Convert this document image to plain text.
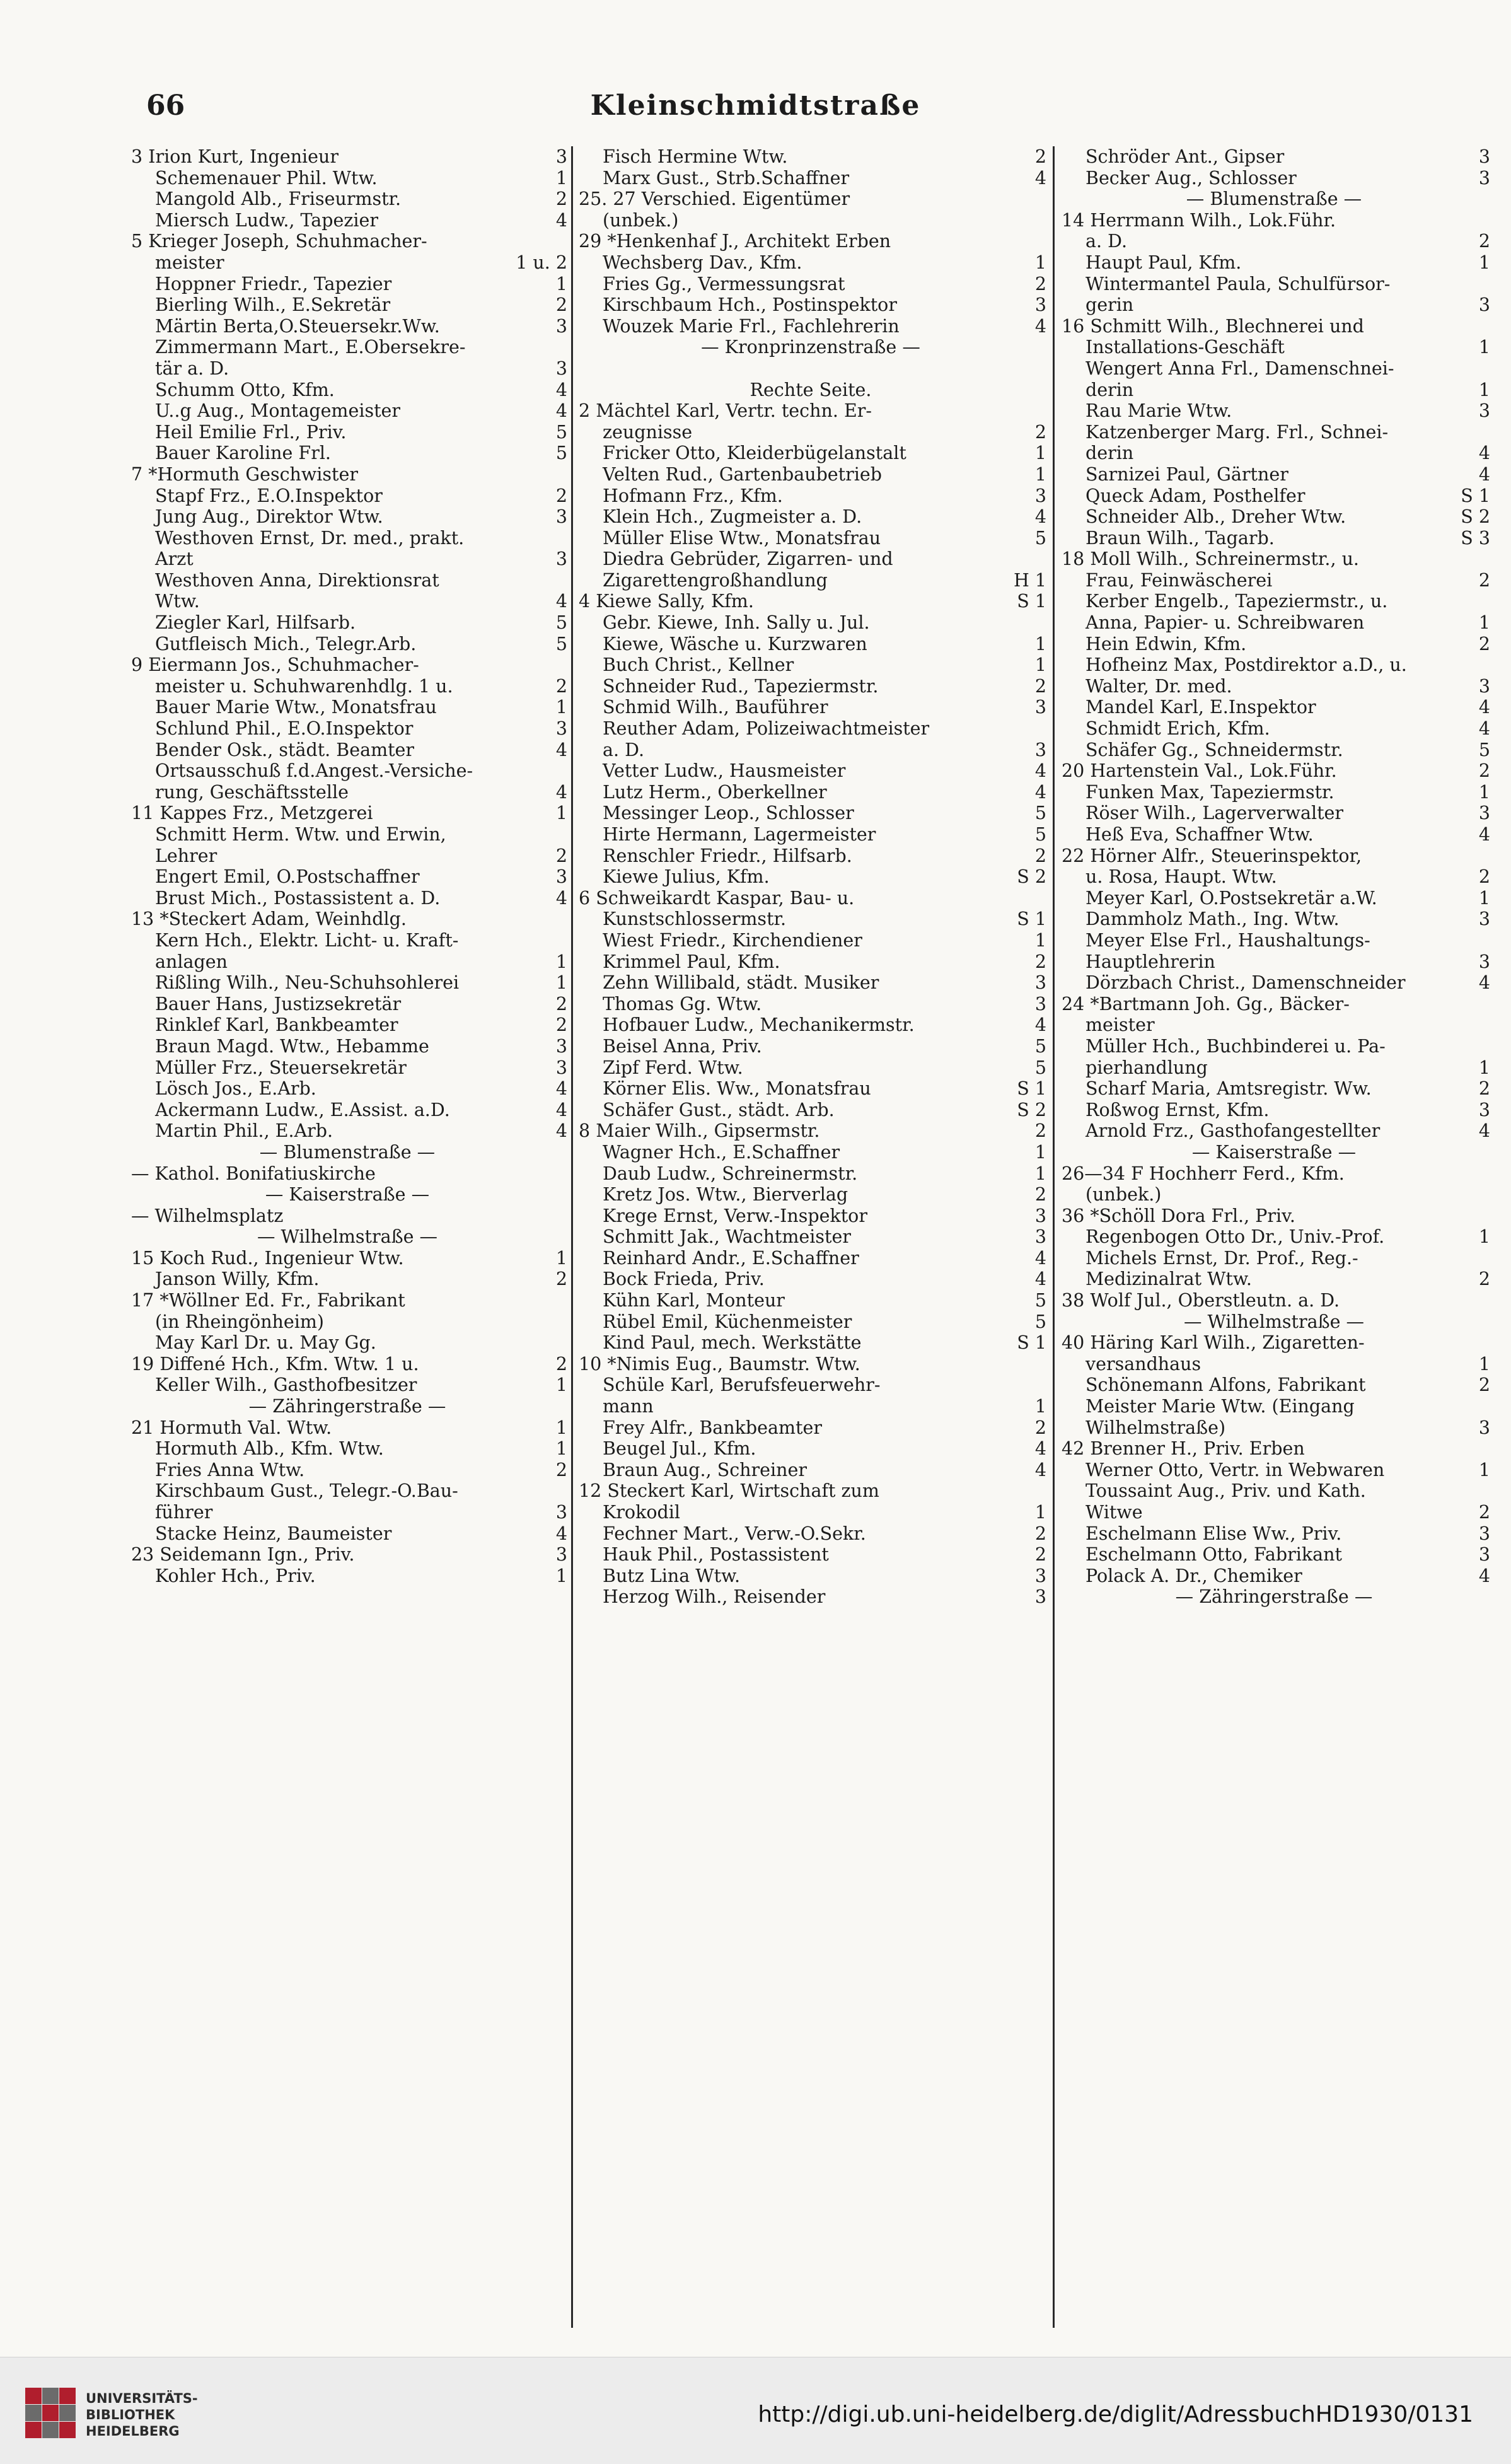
66	Kleinschmidtstraße
3 Irion Kurt, Ingenieur	3
Schemenauer Phil. Wtw.	1
Mangold Alb., Friseurmstr.	2
Miersch Ludw., Tapezier	4
5 Krieger Joseph, Schuhmacher-
meister	1 u. 2
Hoppner Friedr., Tapezier	1
Bierling Wilh., E.Sekretär	2
Märtin Berta,O.Steuersekr.Ww.	3
Zimmermann Mart., E.Obersekre-
tär a. D.	3
Schumm Otto, Kfm.	4
U..g Aug., Montagemeister	4
Heil Emilie Frl., Priv.	5
Bauer Karoline Frl.	5
7 *Hormuth Geschwister
Stapf Frz., E.O.Inspektor	2
Jung Aug., Direktor Wtw.	3
Westhoven Ernst, Dr. med., prakt.
Arzt	3
Westhoven Anna, Direktionsrat
Wtw.	4
Ziegler Karl, Hilfsarb.	5
Gutfleisch Mich., Telegr.Arb.	5
9 Eiermann Jos., Schuhmacher-
meister u. Schuhwarenhdlg. 1 u.	2
Bauer Marie Wtw., Monatsfrau	1
Schlund Phil., E.O.Inspektor	3
Bender Osk., städt. Beamter	4
Ortsausschuß f.d.Angest.-Versiche-
rung, Geschäftsstelle	4
11 Kappes Frz., Metzgerei	1
Schmitt Herm. Wtw. und Erwin,
Lehrer	2
Engert Emil, O.Postschaffner	3
Brust Mich., Postassistent a. D.	4
13 *Steckert Adam, Weinhdlg.
Kern Hch., Elektr. Licht- u. Kraft-
anlagen	1
Rißling Wilh., Neu-Schuhsohlerei	1
Bauer Hans, Justizsekretär	2
Rinklef Karl, Bankbeamter	2
Braun Magd. Wtw., Hebamme	3
Müller Frz., Steuersekretär	3
Lösch Jos., E.Arb.	4
Ackermann Ludw., E.Assist. a.D.	4
Martin Phil., E.Arb.	4
— Blumenstraße —
— Kathol. Bonifatiuskirche
— Kaiserstraße —
— Wilhelmsplatz
— Wilhelmstraße —
15 Koch Rud., Ingenieur Wtw.	1
Janson Willy, Kfm.	2
17 *Wöllner Ed. Fr., Fabrikant
(in Rheingönheim)
May Karl Dr. u. May Gg.
19 Diffené Hch., Kfm. Wtw. 1 u.	2
Keller Wilh., Gasthofbesitzer	1
— Zähringerstraße —
21 Hormuth Val. Wtw.	1
Hormuth Alb., Kfm. Wtw.	1
Fries Anna Wtw.	2
Kirschbaum Gust., Telegr.-O.Bau-
führer	3
Stacke Heinz, Baumeister	4
23 Seidemann Ign., Priv.	3
Kohler Hch., Priv.	1
Fisch Hermine Wtw.	2
Marx Gust., Strb.Schaffner	4
25. 27 Verschied. Eigentümer
(unbek.)
29 *Henkenhaf J., Architekt Erben
Wechsberg Dav., Kfm.	1
Fries Gg., Vermessungsrat	2
Kirschbaum Hch., Postinspektor	3
Wouzek Marie Frl., Fachlehrerin	4
— Kronprinzenstraße —
Rechte Seite.
2 Mächtel Karl, Vertr. techn. Er-
zeugnisse	2
Fricker Otto, Kleiderbügelanstalt	1
Velten Rud., Gartenbaubetrieb	1
Hofmann Frz., Kfm.	3
Klein Hch., Zugmeister a. D.	4
Müller Elise Wtw., Monatsfrau	5
Diedra Gebrüder, Zigarren- und
Zigarettengroßhandlung	H 1
4 Kiewe Sally, Kfm.	S 1
Gebr. Kiewe, Inh. Sally u. Jul.
Kiewe, Wäsche u. Kurzwaren	1
Buch Christ., Kellner	1
Schneider Rud., Tapeziermstr.	2
Schmid Wilh., Bauführer	3
Reuther Adam, Polizeiwachtmeister
a. D.	3
Vetter Ludw., Hausmeister	4
Lutz Herm., Oberkellner	4
Messinger Leop., Schlosser	5
Hirte Hermann, Lagermeister	5
Renschler Friedr., Hilfsarb.	2
Kiewe Julius, Kfm.	S 2
6 Schweikardt Kaspar, Bau- u.
Kunstschlossermstr.	S 1
Wiest Friedr., Kirchendiener	1
Krimmel Paul, Kfm.	2
Zehn Willibald, städt. Musiker	3
Thomas Gg. Wtw.	3
Hofbauer Ludw., Mechanikermstr.	4
Beisel Anna, Priv.	5
Zipf Ferd. Wtw.	5
Körner Elis. Ww., Monatsfrau	S 1
Schäfer Gust., städt. Arb.	S 2
8 Maier Wilh., Gipsermstr.	2
Wagner Hch., E.Schaffner	1
Daub Ludw., Schreinermstr.	1
Kretz Jos. Wtw., Bierverlag	2
Krege Ernst, Verw.-Inspektor	3
Schmitt Jak., Wachtmeister	3
Reinhard Andr., E.Schaffner	4
Bock Frieda, Priv.	4
Kühn Karl, Monteur	5
Rübel Emil, Küchenmeister	5
Kind Paul, mech. Werkstätte	S 1
10 *Nimis Eug., Baumstr. Wtw.
Schüle Karl, Berufsfeuerwehr-
mann	1
Frey Alfr., Bankbeamter	2
Beugel Jul., Kfm.	4
Braun Aug., Schreiner	4
12 Steckert Karl, Wirtschaft zum
Krokodil	1
Fechner Mart., Verw.-O.Sekr.	2
Hauk Phil., Postassistent	2
Butz Lina Wtw.	3
Herzog Wilh., Reisender	3
Schröder Ant., Gipser	3
Becker Aug., Schlosser	3
— Blumenstraße —
14 Herrmann Wilh., Lok.Führ.
a. D.	2
Haupt Paul, Kfm.	1
Wintermantel Paula, Schulfürsor-
gerin	3
16 Schmitt Wilh., Blechnerei und
Installations-Geschäft	1
Wengert Anna Frl., Damenschnei-
derin	1
Rau Marie Wtw.	3
Katzenberger Marg. Frl., Schnei-
derin	4
Sarnizei Paul, Gärtner	4
Queck Adam, Posthelfer	S 1
Schneider Alb., Dreher Wtw.	S 2
Braun Wilh., Tagarb.	S 3
18 Moll Wilh., Schreinermstr., u.
Frau, Feinwäscherei	2
Kerber Engelb., Tapeziermstr., u.
Anna, Papier- u. Schreibwaren	1
Hein Edwin, Kfm.	2
Hofheinz Max, Postdirektor a.D., u.
Walter, Dr. med.	3
Mandel Karl, E.Inspektor	4
Schmidt Erich, Kfm.	4
Schäfer Gg., Schneidermstr.	5
20 Hartenstein Val., Lok.Führ.	2
Funken Max, Tapeziermstr.	1
Röser Wilh., Lagerverwalter	3
Heß Eva, Schaffner Wtw.	4
22 Hörner Alfr., Steuerinspektor,
u. Rosa, Haupt. Wtw.	2
Meyer Karl, O.Postsekretär a.W.	1
Dammholz Math., Ing. Wtw.	3
Meyer Else Frl., Haushaltungs-
Hauptlehrerin	3
Dörzbach Christ., Damenschneider	4
24 *Bartmann Joh. Gg., Bäcker-
meister
Müller Hch., Buchbinderei u. Pa-
pierhandlung	1
Scharf Maria, Amtsregistr. Ww.	2
Roßwog Ernst, Kfm.	3
Arnold Frz., Gasthofangestellter	4
— Kaiserstraße —
26—34 F Hochherr Ferd., Kfm.
(unbek.)
36 *Schöll Dora Frl., Priv.
Regenbogen Otto Dr., Univ.-Prof.	1
Michels Ernst, Dr. Prof., Reg.-
Medizinalrat Wtw.	2
38 Wolf Jul., Oberstleutn. a. D.
— Wilhelmstraße —
40 Häring Karl Wilh., Zigaretten-
versandhaus	1
Schönemann Alfons, Fabrikant	2
Meister Marie Wtw. (Eingang
Wilhelmstraße)	3
42 Brenner H., Priv. Erben
Werner Otto, Vertr. in Webwaren	1
Toussaint Aug., Priv. und Kath.
Witwe	2
Eschelmann Elise Ww., Priv.	3
Eschelmann Otto, Fabrikant	3
Polack A. Dr., Chemiker	4
— Zähringerstraße —
UNIVERSITÄTS-
BIBLIOTHEK
HEIDELBERG
http://digi.ub.uni-heidelberg.de/diglit/AdressbuchHD1930/0131
